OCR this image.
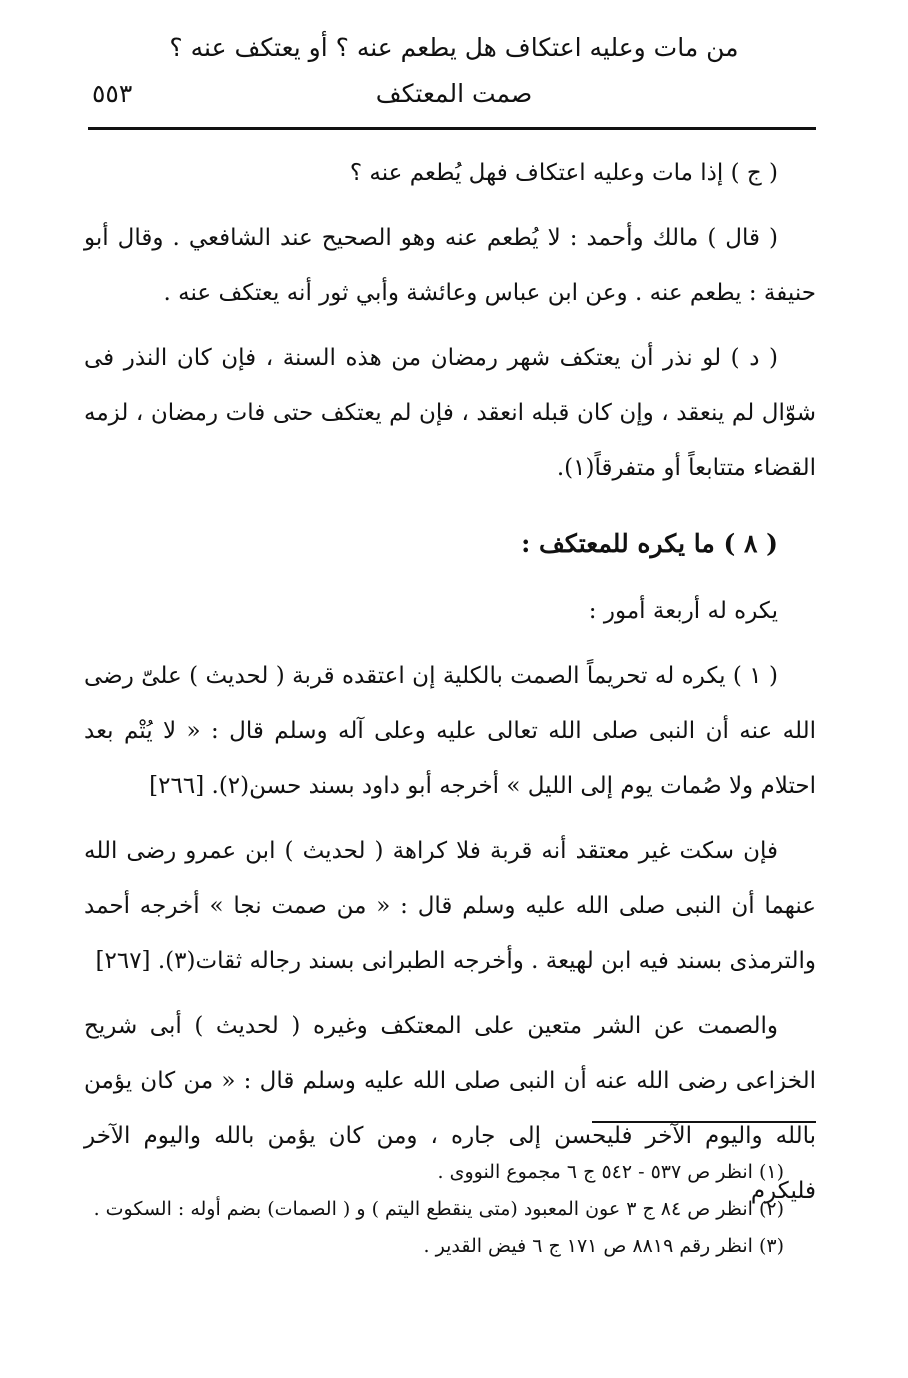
من مات وعليه اعتكاف هل يطعم عنه ؟ أو يعتكف عنه ؟
صمت المعتكف
٥٥٣

( ج ) إذا مات وعليه اعتكاف فهل يُطعم عنه ؟

( قال ) مالك وأحمد : لا يُطعم عنه وهو الصحيح عند الشافعي . وقال أبو حنيفة : يطعم عنه . وعن ابن عباس وعائشة وأبي ثور أنه يعتكف عنه .

( د ) لو نذر أن يعتكف شهر رمضان من هذه السنة ، فإن كان النذر فى شوّال لم ينعقد ، وإن كان قبله انعقد ، فإن لم يعتكف حتى فات رمضان ، لزمه القضاء متتابعاً أو متفرقاً(١).

( ٨ ) ما يكره للمعتكف :

يكره له أربعة أمور :

( ١ ) يكره له تحريماً الصمت بالكلية إن اعتقده قربة ( لحديث ) علىّ رضى الله عنه أن النبى صلى الله تعالى عليه وعلى آله وسلم قال : « لا يُتْم بعد احتلام ولا صُمات يوم إلى الليل » أخرجه أبو داود بسند حسن(٢). [٢٦٦]

فإن سكت غير معتقد أنه قربة فلا كراهة ( لحديث ) ابن عمرو رضى الله عنهما أن النبى صلى الله عليه وسلم قال : « من صمت نجا » أخرجه أحمد والترمذى بسند فيه ابن لهيعة . وأخرجه الطبرانى بسند رجاله ثقات(٣). [٢٦٧]

والصمت عن الشر متعين على المعتكف وغيره ( لحديث ) أبى شريح الخزاعى رضى الله عنه أن النبى صلى الله عليه وسلم قال : « من كان يؤمن بالله واليوم الآخر فليحسن إلى جاره ، ومن كان يؤمن بالله واليوم الآخر فليكرم

(١) انظر ص ٥٣٧ - ٥٤٢ ج ٦ مجموع النووى .

(٢) انظر ص ٨٤ ج ٣ عون المعبود (متى ينقطع اليتم ) و ( الصمات) بضم أوله : السكوت .

(٣) انظر رقم ٨٨١٩ ص ١٧١ ج ٦ فيض القدير .
